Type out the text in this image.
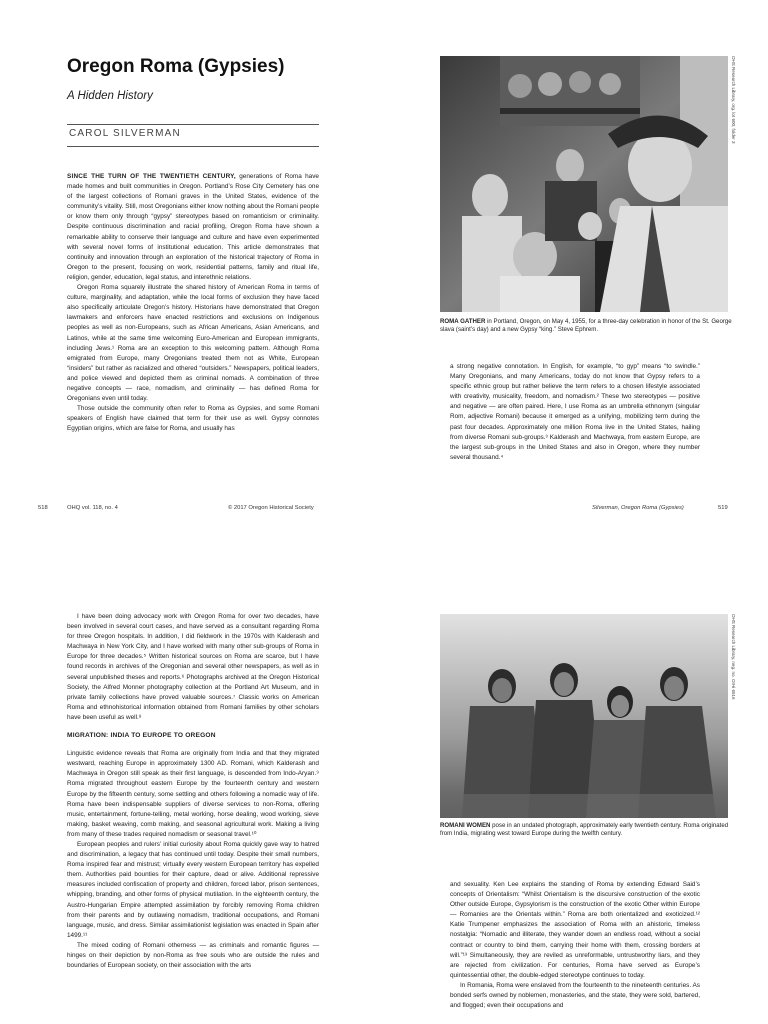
Oregon Roma (Gypsies)

A Hidden History

CAROL SILVERMAN

SINCE THE TURN OF THE TWENTIETH CENTURY, generations of Roma have made homes and built communities in Oregon. Portland’s Rose City Cemetery has one of the largest collections of Romani graves in the United States, evidence of the community’s vitality. Still, most Oregonians either know nothing about the Romani people or know them only through “gypsy” stereotypes based on romanticism or criminality. Despite continuous discrimination and racial profiling, Oregon Roma have shown a remarkable ability to conserve their language and culture and have even experimented with several novel forms of institutional education. This article demonstrates that continuity and innovation through an exploration of the historical trajectory of Roma in Oregon to the present, focusing on work, residential patterns, family and ritual life, religion, gender, education, legal status, and interethnic relations.

Oregon Roma squarely illustrate the shared history of American Roma in terms of culture, marginality, and adaptation, while the local forms of exclusion they have faced also specifically articulate Oregon’s history. Historians have demonstrated that Oregon lawmakers and enforcers have enacted restrictions and exclusions on Indigenous peoples as well as non-Europeans, such as African Americans, Asian Americans, and Latinos, while at the same time welcoming Euro-American and European immigrants, including Jews.¹ Roma are an exception to this welcoming pattern. Although Roma emigrated from Europe, many Oregonians treated them not as White, European “insiders” but rather as racialized and othered “outsiders.” Newspapers, political leaders, and police viewed and depicted them as criminal nomads. A combination of three negative concepts — race, nomadism, and criminality — has defined Roma for Oregonians even until today.

Those outside the community often refer to Roma as Gypsies, and some Romani speakers of English have claimed that term for their use as well. Gypsy connotes Egyptian origins, which are false for Roma, and usually has

OHS Research Library, org. lot 600, folder 3
ROMA GATHER in Portland, Oregon, on May 4, 1955, for a three-day celebration in honor of the St. George slava (saint’s day) and a new Gypsy “king.” Steve Ephrem.

a strong negative connotation. In English, for example, “to gyp” means “to swindle.” Many Oregonians, and many Americans, today do not know that Gypsy refers to a specific ethnic group but rather believe the term refers to a chosen lifestyle associated with creativity, musicality, freedom, and nomadism.² These two stereotypes — positive and negative — are often paired. Here, I use Roma as an umbrella ethnonym (singular Rom, adjective Romani) because it emerged as a unifying, mobilizing term during the past four decades. Approximately one million Roma live in the United States, hailing from diverse Romani sub-groups.³ Kalderash and Machwaya, from eastern Europe, are the largest sub-groups in the United States and also in Oregon, where they number several thousand.⁴

518	OHQ vol. 118, no. 4	© 2017 Oregon Historical Society	Silverman, Oregon Roma (Gypsies)	519

I have been doing advocacy work with Oregon Roma for over two decades, have been involved in several court cases, and have served as a consultant regarding Roma for three Oregon hospitals. In addition, I did fieldwork in the 1970s with Kalderash and Machwaya in New York City, and I have worked with many other sub-groups of Roma in Europe for three decades.⁵ Written historical sources on Roma are scarce, but I have found records in archives of the Oregonian and several other newspapers, as well as in several unpublished theses and reports.⁶ Photographs archived at the Oregon Historical Society, the Alfred Monner photography collection at the Portland Art Museum, and in private family collections have proved valuable sources.⁷ Classic works on American Roma and ethnohistorical information obtained from Romani families by other scholars have been useful as well.⁸

MIGRATION: INDIA TO EUROPE TO OREGON

Linguistic evidence reveals that Roma are originally from India and that they migrated westward, reaching Europe in approximately 1300 AD. Romani, which Kalderash and Machwaya in Oregon still speak as their first language, is descended from Indo-Aryan.⁹ Roma migrated throughout eastern Europe by the fourteenth century and western Europe by the fifteenth century, some settling and others following a nomadic way of life. Roma have been indispensable suppliers of diverse services to non-Roma, offering music, entertainment, fortune-telling, metal working, horse dealing, wood working, sieve making, basket weaving, comb making, and seasonal agricultural work. Making a living from many of these trades required nomadism or seasonal travel.¹⁰

European peoples and rulers’ initial curiosity about Roma quickly gave way to hatred and discrimination, a legacy that has continued until today. Despite their small numbers, Roma inspired fear and mistrust; virtually every western European territory has expelled them. Authorities paid bounties for their capture, dead or alive. Additional repressive measures included confiscation of property and children, forced labor, prison sentences, whipping, branding, and other forms of physical mutilation. In the eighteenth century, the Austro-Hungarian Empire attempted assimilation by forcibly removing Roma children from their parents and by outlawing nomadism, traditional occupations, and Romani language, music, and dress. Similar assimilationist legislation was enacted in Spain after 1499.¹¹

The mixed coding of Romani otherness — as criminals and romantic figures — hinges on their depiction by non-Roma as free souls who are outside the rules and boundaries of European society, on their association with the arts

OHS Research Library, neg. no. OrHi 6516
ROMANI WOMEN pose in an undated photograph, approximately early twentieth century. Roma originated from India, migrating west toward Europe during the twelfth century.

and sexuality. Ken Lee explains the standing of Roma by extending Edward Said’s concepts of Orientalism: “Whilst Orientalism is the discursive construction of the exotic Other outside Europe, Gypsylorism is the construction of the exotic Other within Europe — Romanies are the Orientals within.” Roma are both orientalized and exoticized.¹² Katie Trumpener emphasizes the association of Roma with an ahistoric, timeless nostalgia: “Nomadic and illiterate, they wander down an endless road, without a social contract or country to bind them, carrying their home with them, crossing borders at will.”¹³ Simultaneously, they are reviled as unreformable, untrustworthy liars, and they are rejected from civilization. For centuries, Roma have served as Europe’s quintessential other, the double-edged stereotype continues to today.

In Romania, Roma were enslaved from the fourteenth to the nineteenth centuries. As bonded serfs owned by noblemen, monasteries, and the state, they were sold, bartered, and flogged; even their occupations and
